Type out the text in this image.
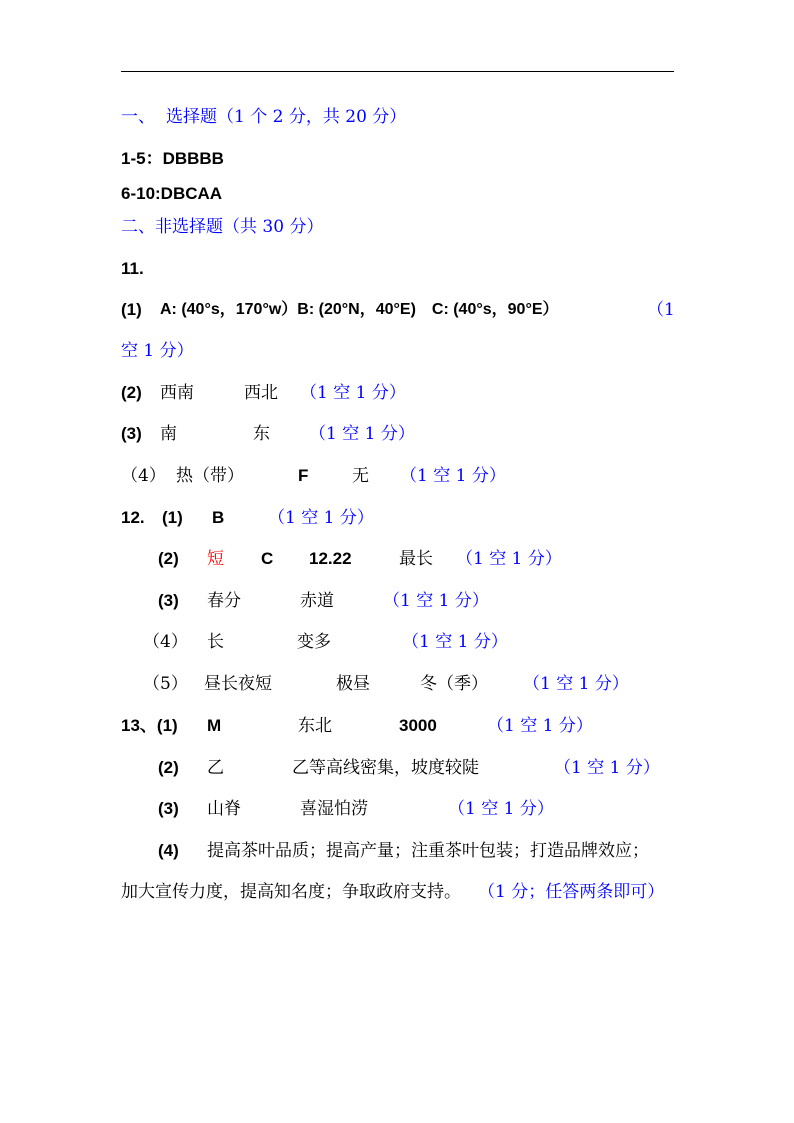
一、 选择题（1 个 2 分，共 20 分）
1-5：DBBBB
6-10:DBCAA
二、非选择题（共 30 分）
11.
(1) A: (40°s，170°w）B: (20°N，40°E)　C: (40°s，90°E）	（1
空 1 分）
(2) 西南	西北 （1 空 1 分）
(3) 南	东 （1 空 1 分）
（4） 热（带）	F	无 （1 空 1 分）
12. (1) B	（1 空 1 分）
(2) 短 C 12.22	最长 （1 空 1 分）
(3) 春分	赤道	（1 空 1 分）
（4） 长	变多	（1 空 1 分）
（5） 昼长夜短	极昼	冬（季） （1 空 1 分）
13、(1) M	东北	3000	（1 空 1 分）
(2) 乙	乙等高线密集，坡度较陡	（1 空 1 分）
(3) 山脊	喜湿怕涝	（1 空 1 分）
(4) 提高茶叶品质；提高产量；注重茶叶包装；打造品牌效应；
加大宣传力度，提高知名度；争取政府支持。 （1 分；任答两条即可）
